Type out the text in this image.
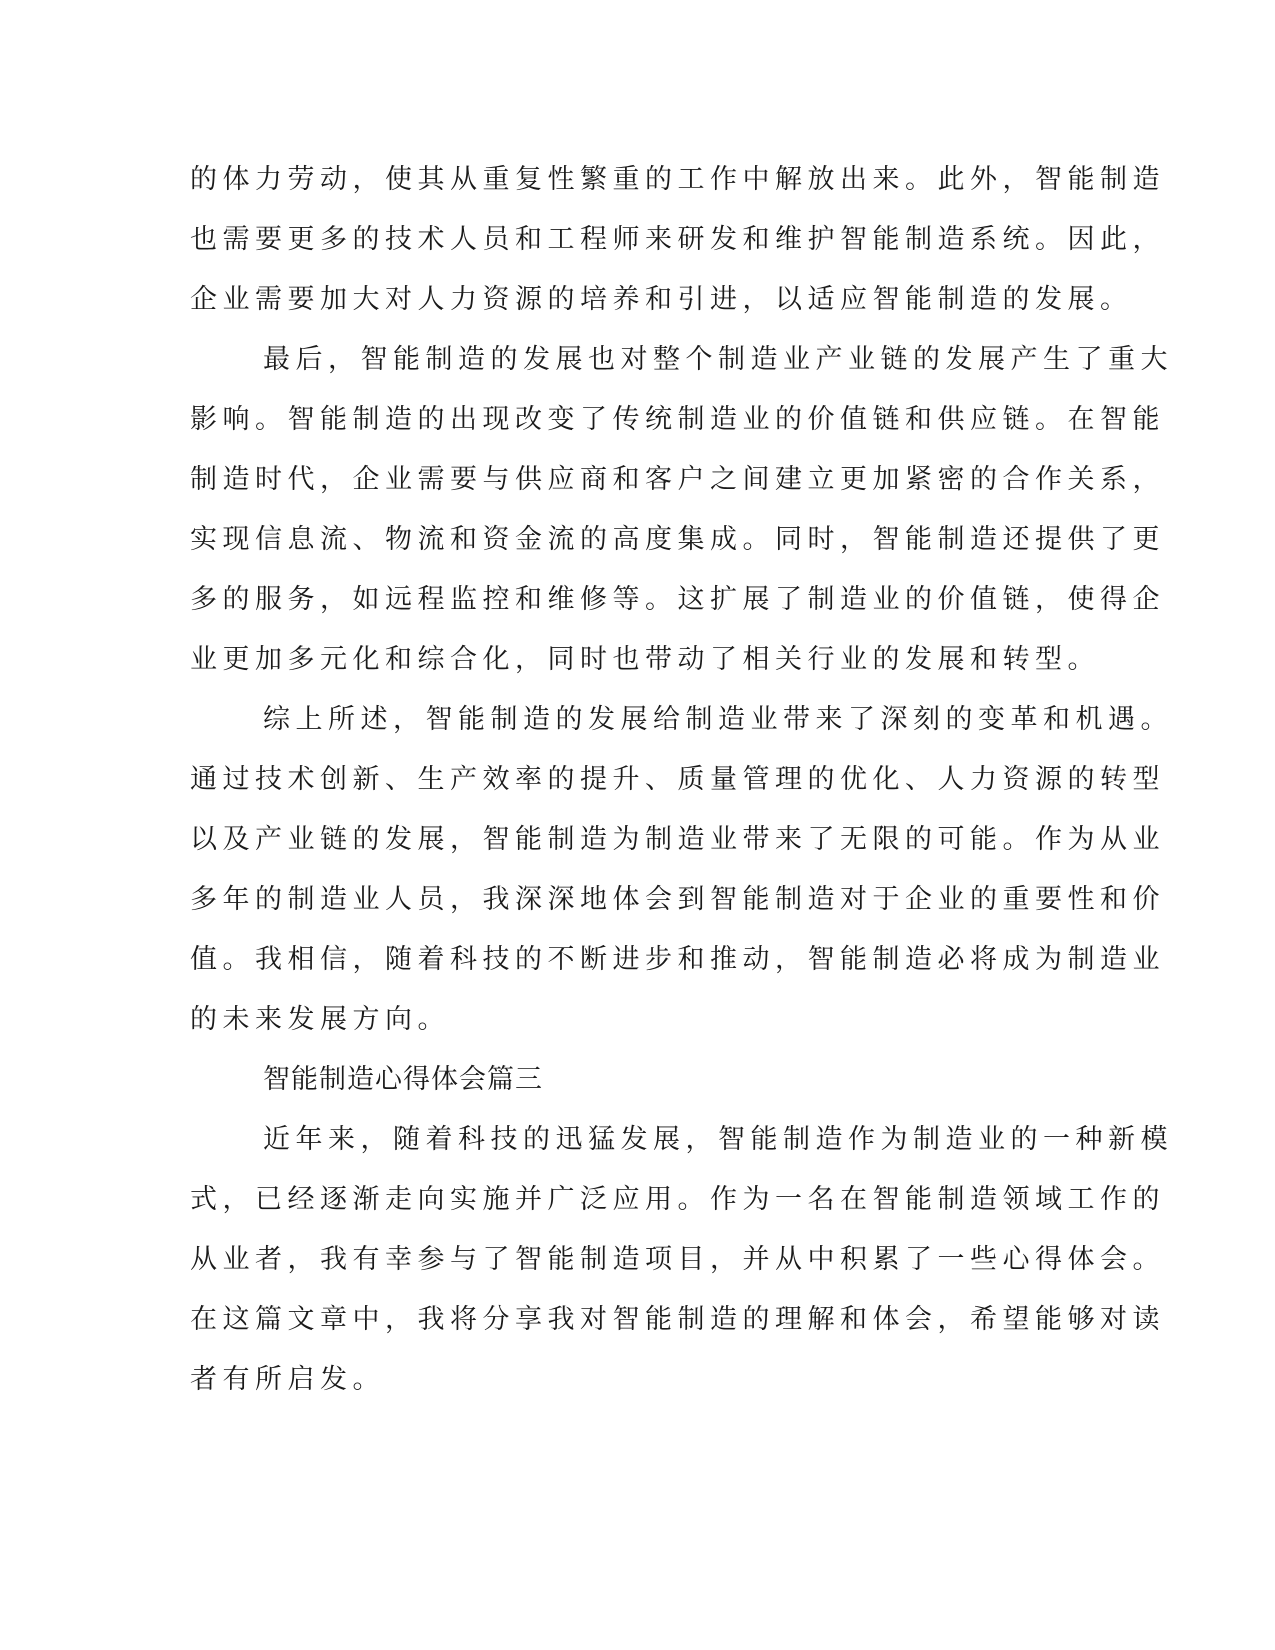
的体力劳动，使其从重复性繁重的工作中解放出来。此外，智能制造
也需要更多的技术人员和工程师来研发和维护智能制造系统。因此，
企业需要加大对人力资源的培养和引进，以适应智能制造的发展。
最后，智能制造的发展也对整个制造业产业链的发展产生了重大
影响。智能制造的出现改变了传统制造业的价值链和供应链。在智能
制造时代，企业需要与供应商和客户之间建立更加紧密的合作关系，
实现信息流、物流和资金流的高度集成。同时，智能制造还提供了更
多的服务，如远程监控和维修等。这扩展了制造业的价值链，使得企
业更加多元化和综合化，同时也带动了相关行业的发展和转型。
综上所述，智能制造的发展给制造业带来了深刻的变革和机遇。
通过技术创新、生产效率的提升、质量管理的优化、人力资源的转型
以及产业链的发展，智能制造为制造业带来了无限的可能。作为从业
多年的制造业人员，我深深地体会到智能制造对于企业的重要性和价
值。我相信，随着科技的不断进步和推动，智能制造必将成为制造业
的未来发展方向。
智能制造心得体会篇三
近年来，随着科技的迅猛发展，智能制造作为制造业的一种新模
式，已经逐渐走向实施并广泛应用。作为一名在智能制造领域工作的
从业者，我有幸参与了智能制造项目，并从中积累了一些心得体会。
在这篇文章中，我将分享我对智能制造的理解和体会，希望能够对读
者有所启发。
